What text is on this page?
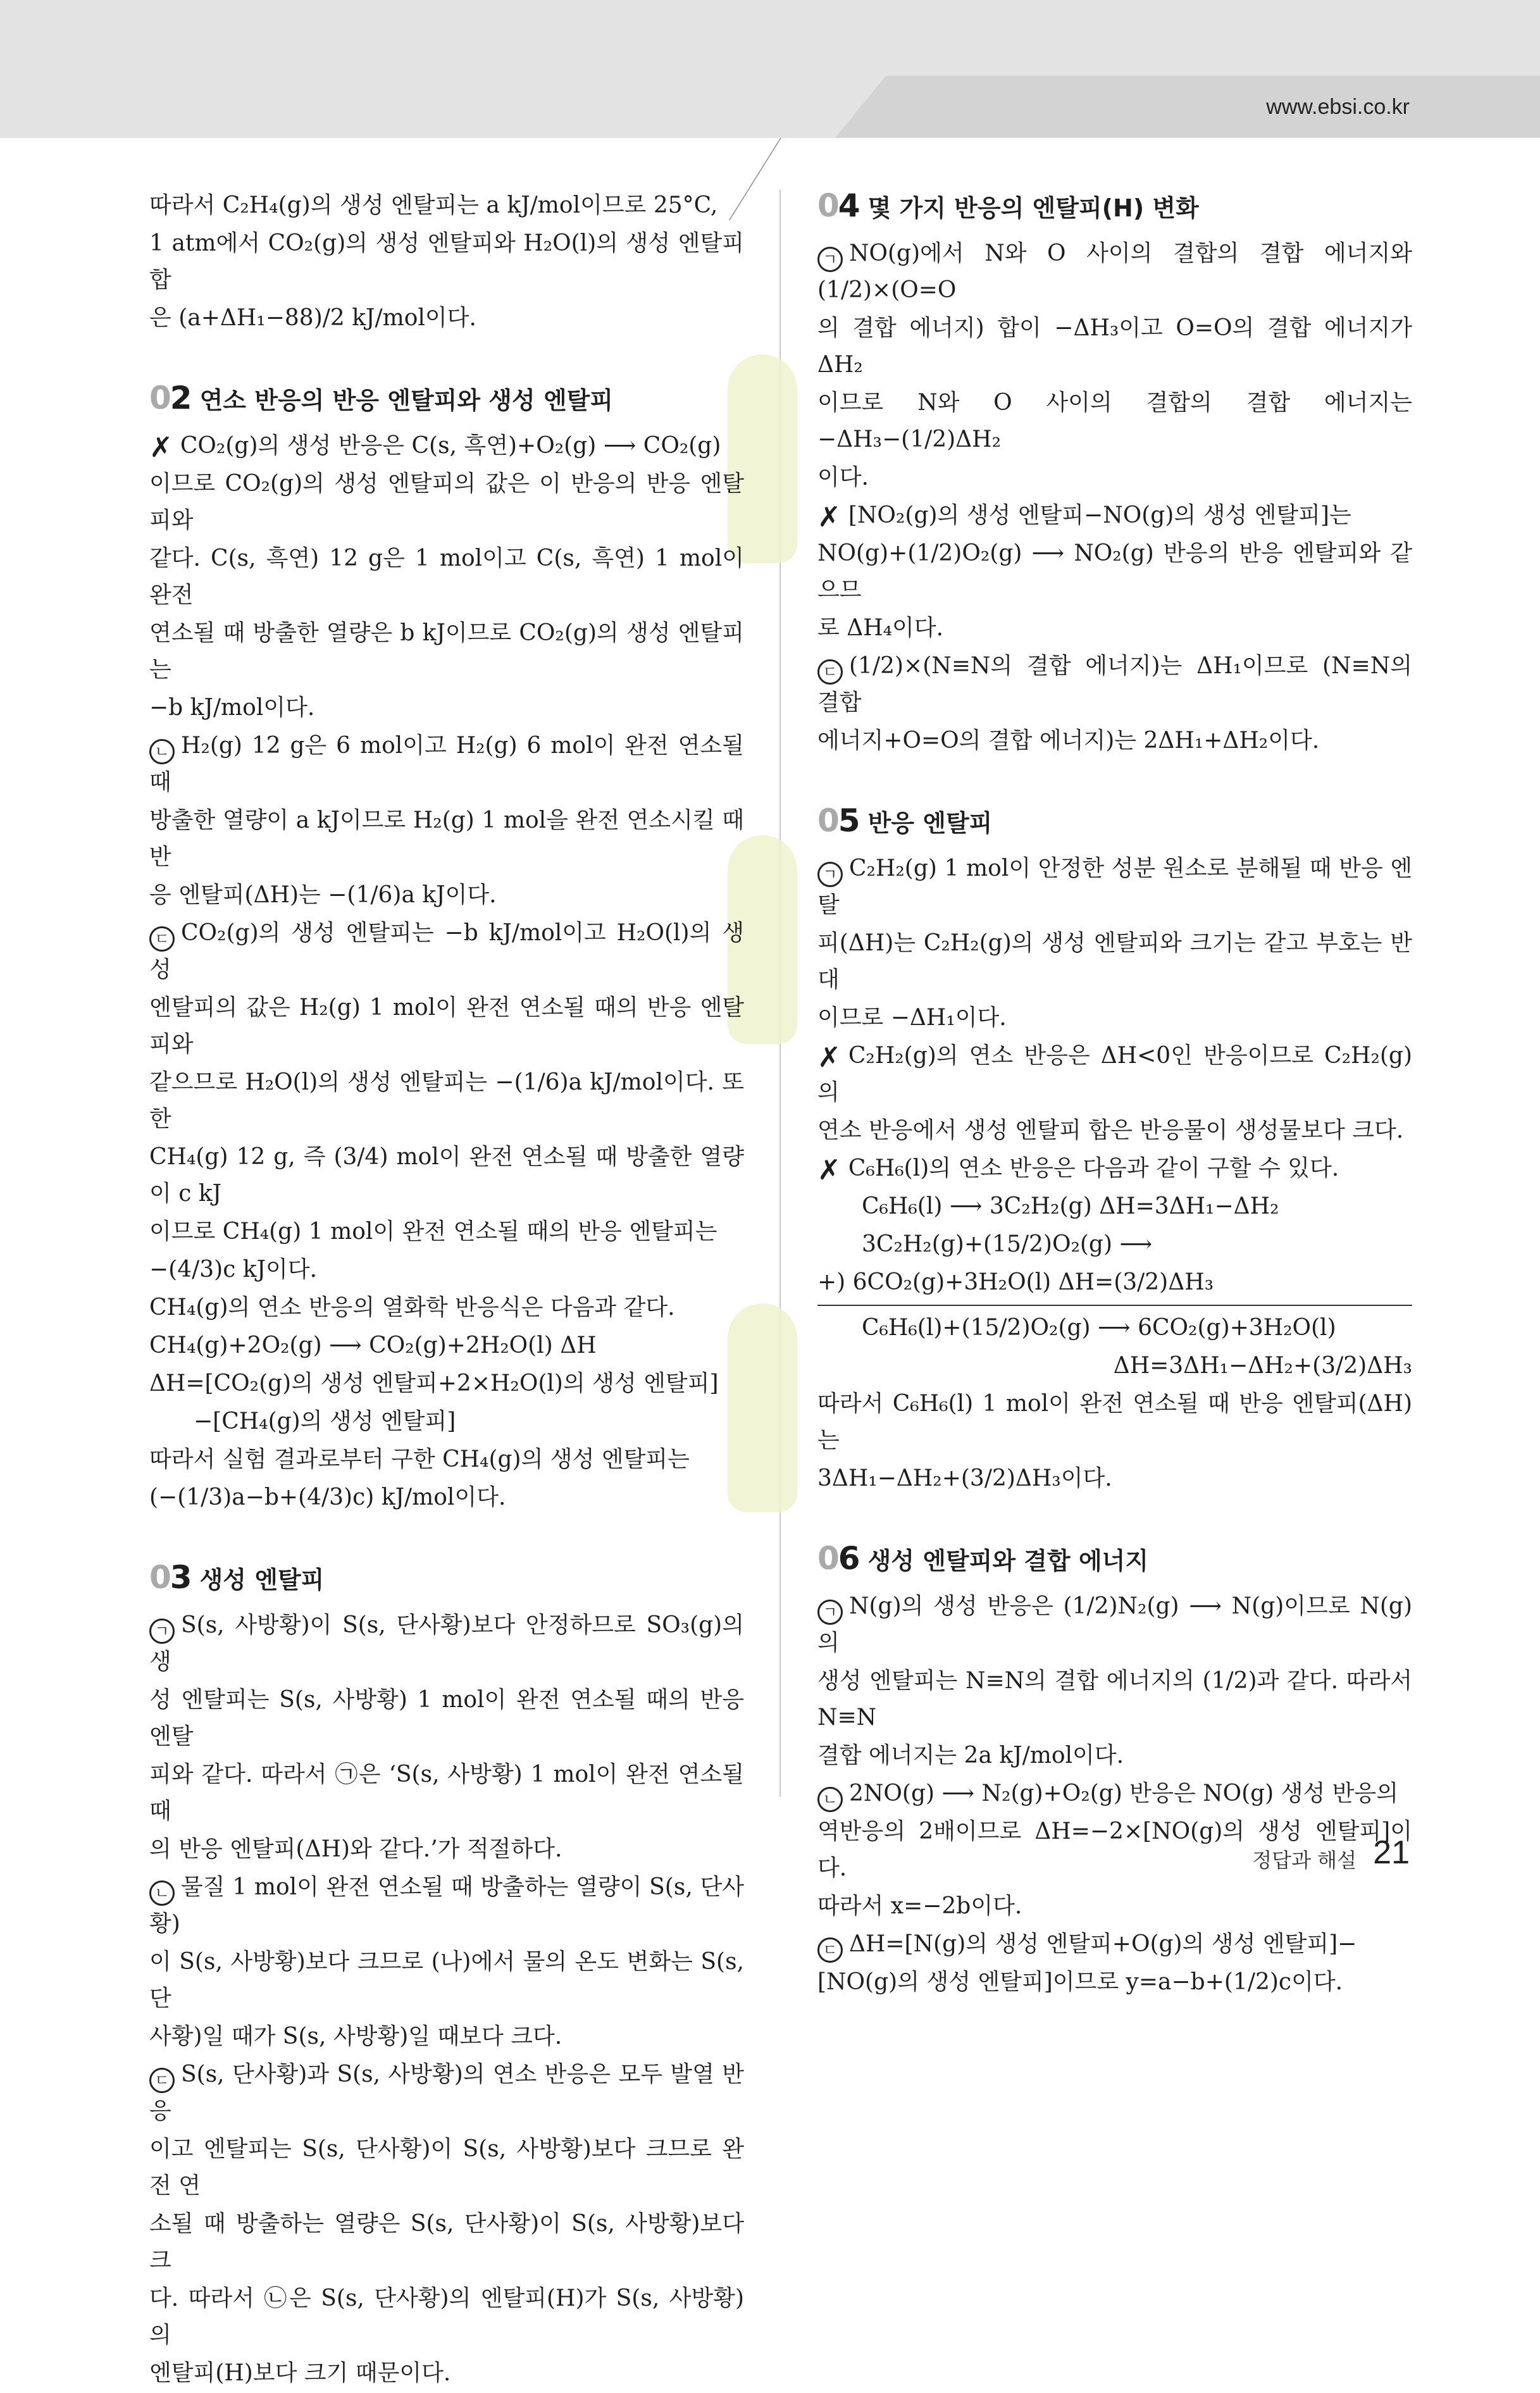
www.ebsi.co.kr

따라서 C₂H₄(g)의 생성 엔탈피는 a kJ/mol이므로 25°C,

1 atm에서 CO₂(g)의 생성 엔탈피와 H₂O(l)의 생성 엔탈피 합

은 (a+ΔH₁−88)/2 kJ/mol이다.

02 연소 반응의 반응 엔탈피와 생성 엔탈피

✗ CO₂(g)의 생성 반응은 C(s, 흑연)+O₂(g) ⟶ CO₂(g)

이므로 CO₂(g)의 생성 엔탈피의 값은 이 반응의 반응 엔탈피와

같다. C(s, 흑연) 12 g은 1 mol이고 C(s, 흑연) 1 mol이 완전

연소될 때 방출한 열량은 b kJ이므로 CO₂(g)의 생성 엔탈피는

−b kJ/mol이다.

ㄴ H₂(g) 12 g은 6 mol이고 H₂(g) 6 mol이 완전 연소될 때

방출한 열량이 a kJ이므로 H₂(g) 1 mol을 완전 연소시킬 때 반

응 엔탈피(ΔH)는 −(1/6)a kJ이다.

ㄷ CO₂(g)의 생성 엔탈피는 −b kJ/mol이고 H₂O(l)의 생성

엔탈피의 값은 H₂(g) 1 mol이 완전 연소될 때의 반응 엔탈피와

같으므로 H₂O(l)의 생성 엔탈피는 −(1/6)a kJ/mol이다. 또한

CH₄(g) 12 g, 즉 (3/4) mol이 완전 연소될 때 방출한 열량이 c kJ

이므로 CH₄(g) 1 mol이 완전 연소될 때의 반응 엔탈피는

−(4/3)c kJ이다.

CH₄(g)의 연소 반응의 열화학 반응식은 다음과 같다.

CH₄(g)+2O₂(g) ⟶ CO₂(g)+2H₂O(l) ΔH

ΔH=[CO₂(g)의 생성 엔탈피+2×H₂O(l)의 생성 엔탈피]

−[CH₄(g)의 생성 엔탈피]

따라서 실험 결과로부터 구한 CH₄(g)의 생성 엔탈피는

(−(1/3)a−b+(4/3)c) kJ/mol이다.

03 생성 엔탈피

ㄱ S(s, 사방황)이 S(s, 단사황)보다 안정하므로 SO₃(g)의 생

성 엔탈피는 S(s, 사방황) 1 mol이 완전 연소될 때의 반응 엔탈

피와 같다. 따라서 ㉠은 ‘S(s, 사방황) 1 mol이 완전 연소될 때

의 반응 엔탈피(ΔH)와 같다.’가 적절하다.

ㄴ 물질 1 mol이 완전 연소될 때 방출하는 열량이 S(s, 단사황)

이 S(s, 사방황)보다 크므로 (나)에서 물의 온도 변화는 S(s, 단

사황)일 때가 S(s, 사방황)일 때보다 크다.

ㄷ S(s, 단사황)과 S(s, 사방황)의 연소 반응은 모두 발열 반응

이고 엔탈피는 S(s, 단사황)이 S(s, 사방황)보다 크므로 완전 연

소될 때 방출하는 열량은 S(s, 단사황)이 S(s, 사방황)보다 크

다. 따라서 ㉡은 S(s, 단사황)의 엔탈피(H)가 S(s, 사방황)의

엔탈피(H)보다 크기 때문이다.

04 몇 가지 반응의 엔탈피(H) 변화

ㄱ NO(g)에서 N와 O 사이의 결합의 결합 에너지와 (1/2)×(O=O

의 결합 에너지) 합이 −ΔH₃이고 O=O의 결합 에너지가 ΔH₂

이므로 N와 O 사이의 결합의 결합 에너지는 −ΔH₃−(1/2)ΔH₂

이다.

✗ [NO₂(g)의 생성 엔탈피−NO(g)의 생성 엔탈피]는

NO(g)+(1/2)O₂(g) ⟶ NO₂(g) 반응의 반응 엔탈피와 같으므

로 ΔH₄이다.

ㄷ (1/2)×(N≡N의 결합 에너지)는 ΔH₁이므로 (N≡N의 결합

에너지+O=O의 결합 에너지)는 2ΔH₁+ΔH₂이다.

05 반응 엔탈피

ㄱ C₂H₂(g) 1 mol이 안정한 성분 원소로 분해될 때 반응 엔탈

피(ΔH)는 C₂H₂(g)의 생성 엔탈피와 크기는 같고 부호는 반대

이므로 −ΔH₁이다.

✗ C₂H₂(g)의 연소 반응은 ΔH<0인 반응이므로 C₂H₂(g)의

연소 반응에서 생성 엔탈피 합은 반응물이 생성물보다 크다.

✗ C₆H₆(l)의 연소 반응은 다음과 같이 구할 수 있다.

C₆H₆(l) ⟶ 3C₂H₂(g) ΔH=3ΔH₁−ΔH₂

3C₂H₂(g)+(15/2)O₂(g) ⟶

+) 6CO₂(g)+3H₂O(l) ΔH=(3/2)ΔH₃

C₆H₆(l)+(15/2)O₂(g) ⟶ 6CO₂(g)+3H₂O(l)

ΔH=3ΔH₁−ΔH₂+(3/2)ΔH₃

따라서 C₆H₆(l) 1 mol이 완전 연소될 때 반응 엔탈피(ΔH)는

3ΔH₁−ΔH₂+(3/2)ΔH₃이다.

06 생성 엔탈피와 결합 에너지

ㄱ N(g)의 생성 반응은 (1/2)N₂(g) ⟶ N(g)이므로 N(g)의

생성 엔탈피는 N≡N의 결합 에너지의 (1/2)과 같다. 따라서 N≡N

결합 에너지는 2a kJ/mol이다.

ㄴ 2NO(g) ⟶ N₂(g)+O₂(g) 반응은 NO(g) 생성 반응의

역반응의 2배이므로 ΔH=−2×[NO(g)의 생성 엔탈피]이다.

따라서 x=−2b이다.

ㄷ ΔH=[N(g)의 생성 엔탈피+O(g)의 생성 엔탈피]−

[NO(g)의 생성 엔탈피]이므로 y=a−b+(1/2)c이다.

정답과 해설 21
